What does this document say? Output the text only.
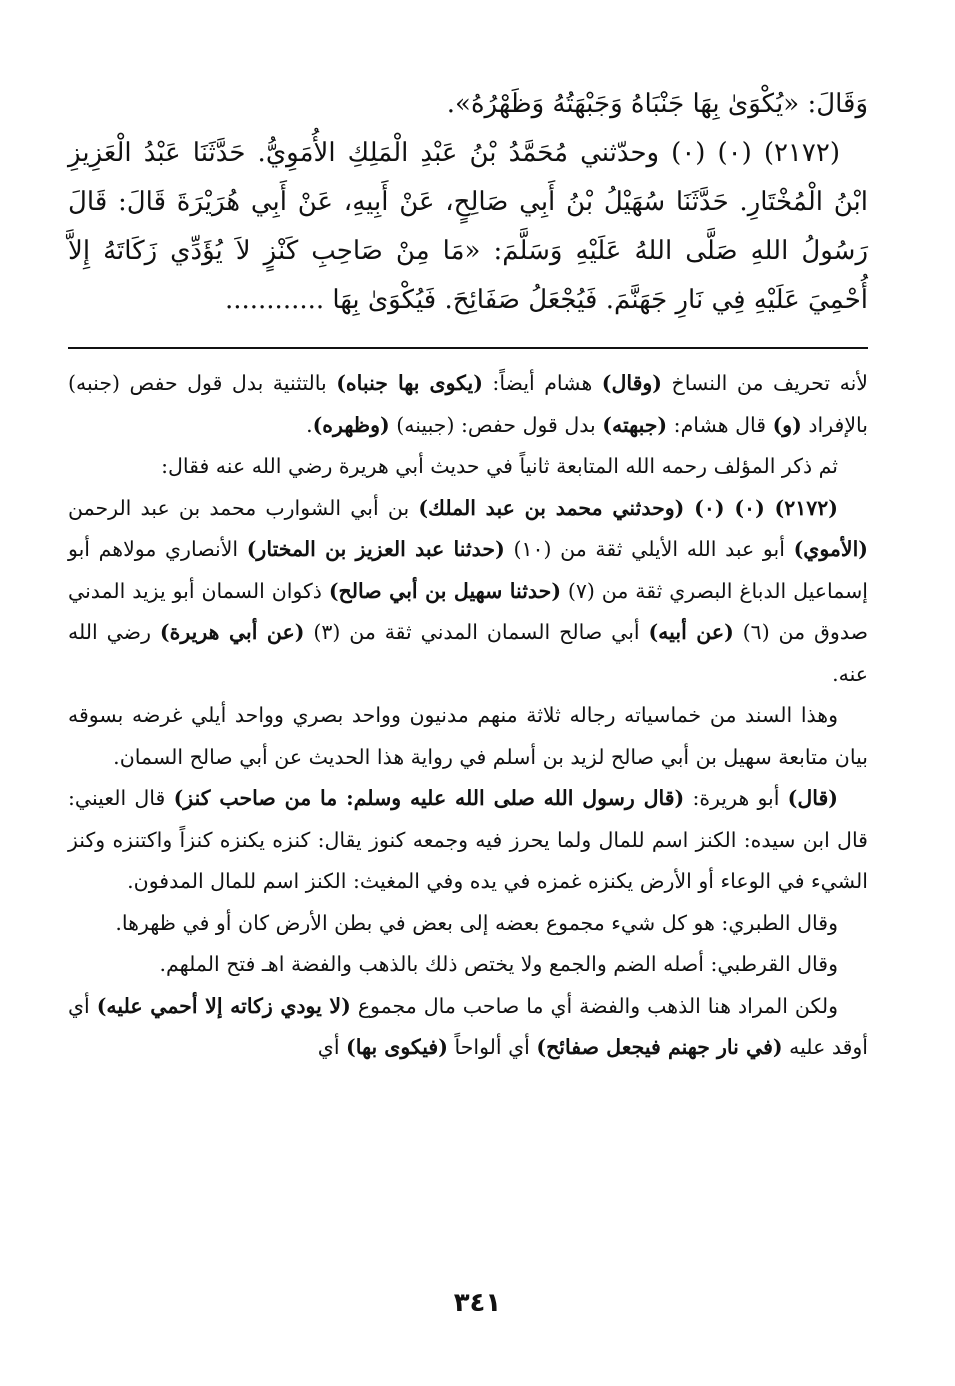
وَقَالَ: «يُكْوَىٰ بِهَا جَنْبَاهُ وَجَبْهَتُهُ وَظَهْرُهُ».

(٢١٧٢) (٠) (٠) وحدّثني مُحَمَّدُ بْنُ عَبْدِ الْمَلِكِ الأُمَوِيُّ. حَدَّثَنَا عَبْدُ الْعَزِيزِ ابْنُ الْمُخْتَارِ. حَدَّثَنَا سُهَيْلُ بْنُ أَبِي صَالِحٍ، عَنْ أَبِيهِ، عَنْ أَبِي هُرَيْرَةَ قَالَ: قَالَ رَسُولُ اللهِ صَلَّى اللهُ عَلَيْهِ وَسَلَّمَ: «مَا مِنْ صَاحِبِ كَنْزٍ لاَ يُؤَدِّي زَكَاتَهُ إِلاَّ أُحْمِيَ عَلَيْهِ فِي نَارِ جَهَنَّمَ. فَيُجْعَلُ صَفَائِحَ. فَيُكْوَىٰ بِهَا ............

لأنه تحريف من النساخ (وقال) هشام أيضاً: (يكوى بها جنباه) بالتثنية بدل قول حفص (جنبه) بالإفراد (و) قال هشام: (جبهته) بدل قول حفص: (جبينه) (وظهره).

ثم ذكر المؤلف رحمه الله المتابعة ثانياً في حديث أبي هريرة رضي الله عنه فقال:

(٢١٧٢) (٠) (٠) (وحدثني محمد بن عبد الملك) بن أبي الشوارب محمد بن عبد الرحمن (الأموي) أبو عبد الله الأيلي ثقة من (١٠) (حدثنا عبد العزيز بن المختار) الأنصاري مولاهم أبو إسماعيل الدباغ البصري ثقة من (٧) (حدثنا سهيل بن أبي صالح) ذكوان السمان أبو يزيد المدني صدوق من (٦) (عن أبيه) أبي صالح السمان المدني ثقة من (٣) (عن أبي هريرة) رضي الله عنه.

وهذا السند من خماسياته رجاله ثلاثة منهم مدنيون وواحد بصري وواحد أيلي غرضه بسوقه بيان متابعة سهيل بن أبي صالح لزيد بن أسلم في رواية هذا الحديث عن أبي صالح السمان.

(قال) أبو هريرة: (قال رسول الله صلى الله عليه وسلم: ما من صاحب كنز) قال العيني: قال ابن سيده: الكنز اسم للمال ولما يحرز فيه وجمعه كنوز يقال: كنزه يكنزه كنزاً واكتنزه وكنز الشيء في الوعاء أو الأرض يكنزه غمزه في يده وفي المغيث: الكنز اسم للمال المدفون.

وقال الطبري: هو كل شيء مجموع بعضه إلى بعض في بطن الأرض كان أو في ظهرها.

وقال القرطبي: أصله الضم والجمع ولا يختص ذلك بالذهب والفضة اهـ فتح الملهم.

ولكن المراد هنا الذهب والفضة أي ما صاحب مال مجموع (لا يودي زكاته إلا أحمي عليه) أي أوقد عليه (في نار جهنم فيجعل صفائح) أي ألواحاً (فيكوى بها) أي

٣٤١
